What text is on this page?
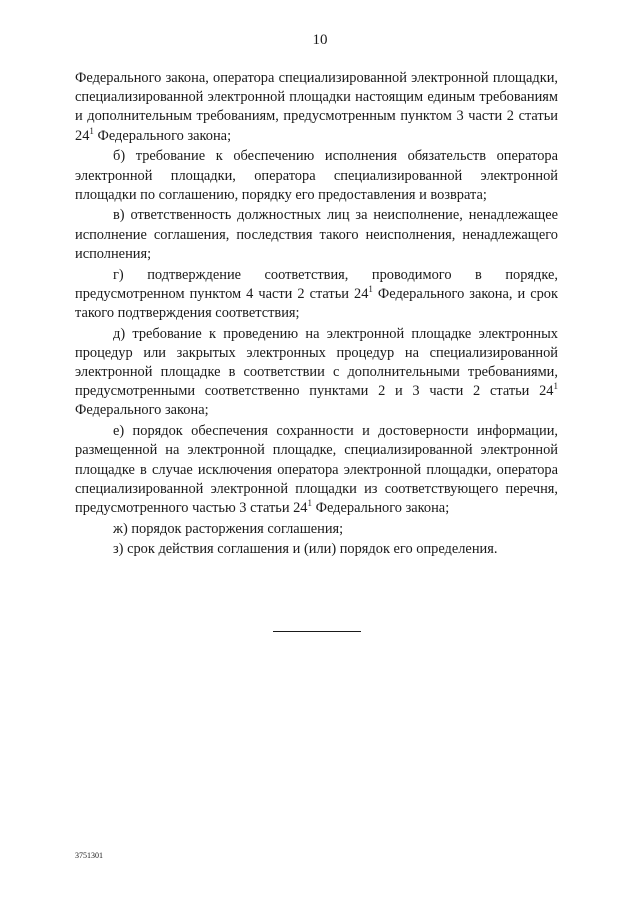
10

Федерального закона, оператора специализированной электронной площадки, специализированной электронной площадки настоящим единым требованиям и дополнительным требованиям, предусмотренным пунктом 3 части 2 статьи $24^1$ Федерального закона;

б) требование к обеспечению исполнения обязательств оператора электронной площадки, оператора специализированной электронной площадки по соглашению, порядку его предоставления и возврата;

в) ответственность должностных лиц за неисполнение, ненадлежащее исполнение соглашения, последствия такого неисполнения, ненадлежащего исполнения;

г) подтверждение соответствия, проводимого в порядке, предусмотренном пунктом 4 части 2 статьи $24^1$ Федерального закона, и срок такого подтверждения соответствия;

д) требование к проведению на электронной площадке электронных процедур или закрытых электронных процедур на специализированной электронной площадке в соответствии с дополнительными требованиями, предусмотренными соответственно пунктами 2 и 3 части 2 статьи $24^1$ Федерального закона;

е) порядок обеспечения сохранности и достоверности информации, размещенной на электронной площадке, специализированной электронной площадке в случае исключения оператора электронной площадки, оператора специализированной электронной площадки из соответствующего перечня, предусмотренного частью 3 статьи $24^1$ Федерального закона;

ж) порядок расторжения соглашения;

з) срок действия соглашения и (или) порядок его определения.

3751301
